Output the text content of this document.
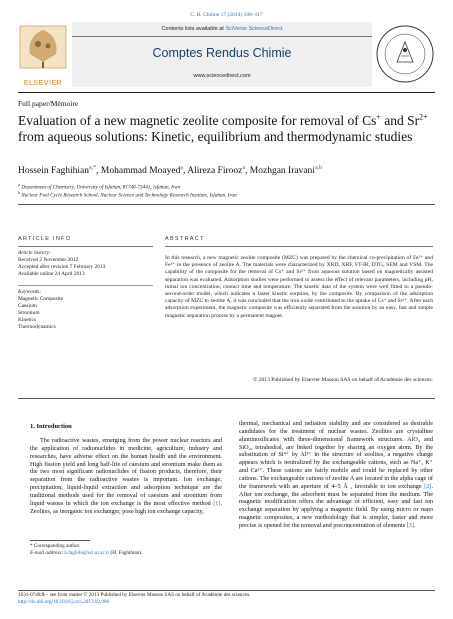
C. R. Chimie 17 (2014) 108–117
ELSEVIER
Contents lists available at SciVerse ScienceDirect
Comptes Rendus Chimie
www.sciencedirect.com
Full paper/Mémoire
Evaluation of a new magnetic zeolite composite for removal of Cs+ and $Sr^{2+}$ from aqueous solutions: Kinetic, equilibrium and thermodynamic studies
Hossein Faghihian$^{a,*}$, Mohammad Moayed$^a$, Alireza Firooz$^a$, Mozhgan Iravani$^{a,b}$
$^a$ Department of Chemistry, University of Isfahan, 81746-73441, Isfahan, Iran
$^b$ Nuclear Fuel Cycle Research School, Nuclear Science and Technology Research Institute, Isfahan, Iran
ARTICLE INFO	ABSTRACT
Article history:
Received 2 November 2012
Accepted after revision 7 February 2013
Available online 24 April 2013
Keywords:
Magnetic Composite
Caesium
Strontium
Kinetics
Thermodynamics
In this research, a new magnetic zeolite composite (MZC) was prepared by the chemical co-precipitation of Fe²⁺ and Fe³⁺ in the presence of zeolite A. The materials were characterized by XRD, XRF, FT-IR, DTG, SEM and VSM. The capability of the composite for the removal of Cs⁺ and Sr²⁺ from aqueous solution based on magnetically assisted separation was evaluated. Adsorption studies were performed to assess the effect of relevant parameters, including pH, initial ion concentration, contact time and temperature. The kinetic data of the system were well fitted to a pseudo-second-order model, which indicates a faster kinetic sorption, by the composite. By comparison of the adsorption capacity of MZC to zeolite A, it was concluded that the iron oxide contributed to the uptake of Cs⁺ and Sr²⁺. After each adsorption experiment, the magnetic composite was efficiently separated from the solution by an easy, fast and simple magnetic separation process by a permanent magnet.
© 2013 Published by Elsevier Masson SAS on behalf of Académie des sciences.
1. Introduction

The radioactive wastes, emerging from the power nuclear reactors and the application of radionuclides in medicine, agriculture, industry and researches, have adverse effect on the human health and the environment. High fission yield and long half-life of caesium and strontium make them as the two most significant radionuclides of fission products, therefore, their separation from the radioactive wastes is important. Ion exchange; precipitation, liquid-liquid extraction and adsorption technique are the traditional methods used for the removal of caesium and strontium from liquid wastes in which the ion exchange is the most effective method [1]. Zeolites, as inorganic ion exchanger, pose high ion exchange capacity,

thermal, mechanical and radiation stability and are considered as desirable candidates for the treatment of nuclear wastes. Zeolites are crystalline aluminosilicates with three-dimensional framework structures. AlO₄ and SiO₄, tetrahedral, are linked together by sharing an oxygen atom. By the substitution of Si⁴⁺ by Al³⁺ in the structure of zeolites, a negative charge appears which is neutralized by the exchangeable cations, such as Na⁺, K⁺ and Ca²⁺. These cations are fairly mobile and could be replaced by other cations. The exchangeable cations of zeolite A are located in the alpha cage of the framework with an aperture of 4–5 Å , favorable to ion exchange [2]. After ion exchange, the adsorbent must be separated from the medium. The magnetic modification offers the advantage of efficient, easy and fast ion exchange separation by applying a magnetic field. By using micro or nano magnetic composites, a new methodology that is simpler, faster and more precise is opened for the removal and preconcentration of elements [3].

* Corresponding author.
E-mail address: h.faghihi@sci.ui.ac.ir (H. Faghihian).
1631-0748/$ – see front matter © 2013 Published by Elsevier Masson SAS on behalf of Académie des sciences.
http://dx.doi.org/10.1016/j.crci.2013.02.006
